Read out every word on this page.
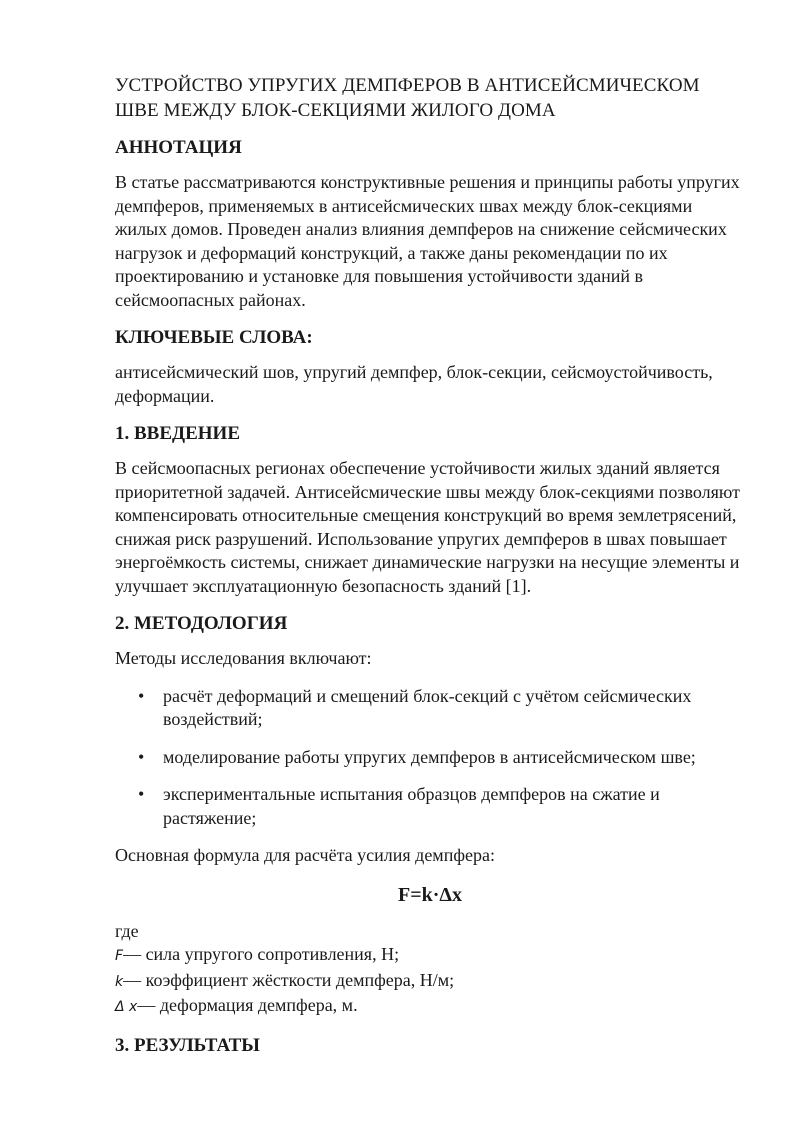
УСТРОЙСТВО УПРУГИХ ДЕМПФЕРОВ В АНТИСЕЙСМИЧЕСКОМ ШВЕ МЕЖДУ БЛОК-СЕКЦИЯМИ ЖИЛОГО ДОМА
АННОТАЦИЯ

В статье рассматриваются конструктивные решения и принципы работы упругих демпферов, применяемых в антисейсмических швах между блок-секциями жилых домов. Проведен анализ влияния демпферов на снижение сейсмических нагрузок и деформаций конструкций, а также даны рекомендации по их проектированию и установке для повышения устойчивости зданий в сейсмоопасных районах.

КЛЮЧЕВЫЕ СЛОВА:

антисейсмический шов, упругий демпфер, блок-секции, сейсмоустойчивость, деформации.

1. ВВЕДЕНИЕ

В сейсмоопасных регионах обеспечение устойчивости жилых зданий является приоритетной задачей. Антисейсмические швы между блок-секциями позволяют компенсировать относительные смещения конструкций во время землетрясений, снижая риск разрушений. Использование упругих демпферов в швах повышает энергоёмкость системы, снижает динамические нагрузки на несущие элементы и улучшает эксплуатационную безопасность зданий [1].

2. МЕТОДОЛОГИЯ

Методы исследования включают:

• расчёт деформаций и смещений блок-секций с учётом сейсмических воздействий;
• моделирование работы упругих демпферов в антисейсмическом шве;
• экспериментальные испытания образцов демпферов на сжатие и растяжение;

Основная формула для расчёта усилия демпфера:

F=k·Δx
где
F— сила упругого сопротивления, Н;
k— коэффициент жёсткости демпфера, Н/м;
Δ x— деформация демпфера, м.
3. РЕЗУЛЬТАТЫ
